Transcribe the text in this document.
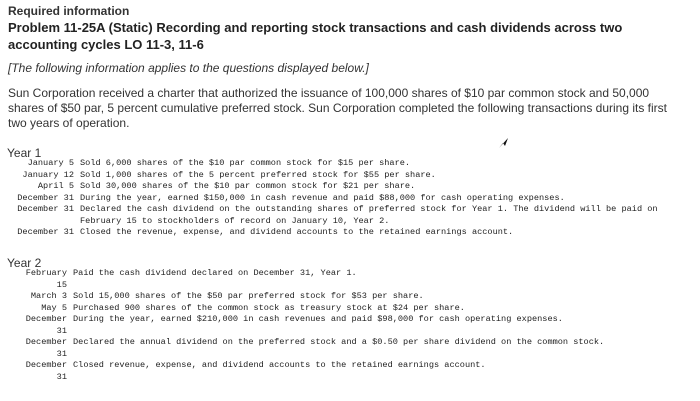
Required information
Problem 11-25A (Static) Recording and reporting stock transactions and cash dividends across two accounting cycles LO 11-3, 11-6
[The following information applies to the questions displayed below.]
Sun Corporation received a charter that authorized the issuance of 100,000 shares of $10 par common stock and 50,000 shares of $50 par, 5 percent cumulative preferred stock. Sun Corporation completed the following transactions during its first two years of operation.
Year 1
January 5	Sold 6,000 shares of the $10 par common stock for $15 per share.
January 12	Sold 1,000 shares of the 5 percent preferred stock for $55 per share.
April 5	Sold 30,000 shares of the $10 par common stock for $21 per share.
December 31	During the year, earned $150,000 in cash revenue and paid $88,000 for cash operating expenses.
December 31	Declared the cash dividend on the outstanding shares of preferred stock for Year 1. The dividend will be paid on February 15 to stockholders of record on January 10, Year 2.
December 31	Closed the revenue, expense, and dividend accounts to the retained earnings account.
Year 2
February 15	Paid the cash dividend declared on December 31, Year 1.
March 3	Sold 15,000 shares of the $50 par preferred stock for $53 per share.
May 5	Purchased 900 shares of the common stock as treasury stock at $24 per share.
December 31	During the year, earned $210,000 in cash revenues and paid $98,000 for cash operating expenses.
December 31	Declared the annual dividend on the preferred stock and a $0.50 per share dividend on the common stock.
December 31	Closed revenue, expense, and dividend accounts to the retained earnings account.
